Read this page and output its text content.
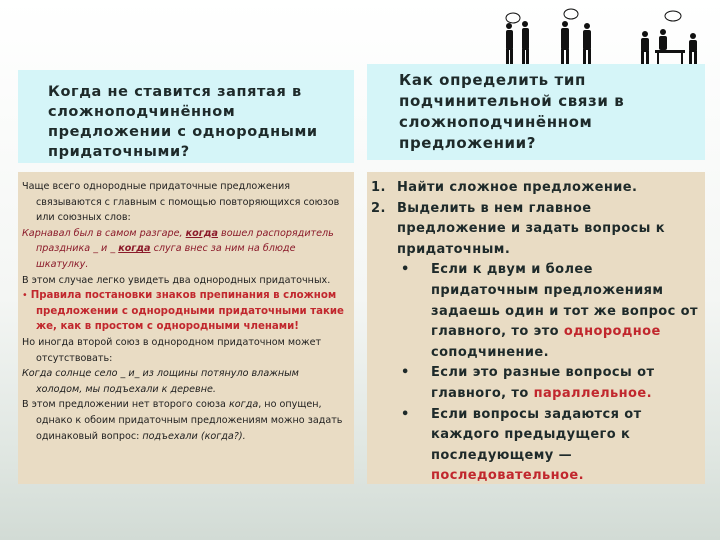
Когда не ставится запятая в сложноподчинённом предложении с однородными придаточными?

Как определить тип подчинительной связи в сложноподчинённом предложении?

Чаще всего однородные придаточные предложения связываются с главным с помощью повторяющихся союзов или союзных слов:

Карнавал был в самом разгаре, когда вошел распорядитель праздника _ и _ когда слуга внес за ним на блюде шкатулку.

В этом случае легко увидеть два однородных придаточных.

• Правила постановки знаков препинания в сложном предложении с однородными придаточными такие же, как в простом с однородными членами!

Но иногда второй союз в однородном придаточном может отсутствовать:

Когда солнце село _ и_ из лощины потянуло влажным холодом, мы подъехали к деревне.

В этом предложении нет второго союза когда, но опущен, однако к обоим придаточным предложениям можно задать одинаковый вопрос: подъехали (когда?).

1. Найти сложное предложение.
2. Выделить в нем главное предложение и задать вопросы к придаточным.
•	Если к двум и более придаточным предложениям задаешь один и тот же вопрос от главного, то это однородное соподчинение.
•	Если это разные вопросы от главного, то параллельное.
•	Если вопросы задаются от каждого предыдущего к последующему — последовательное.
